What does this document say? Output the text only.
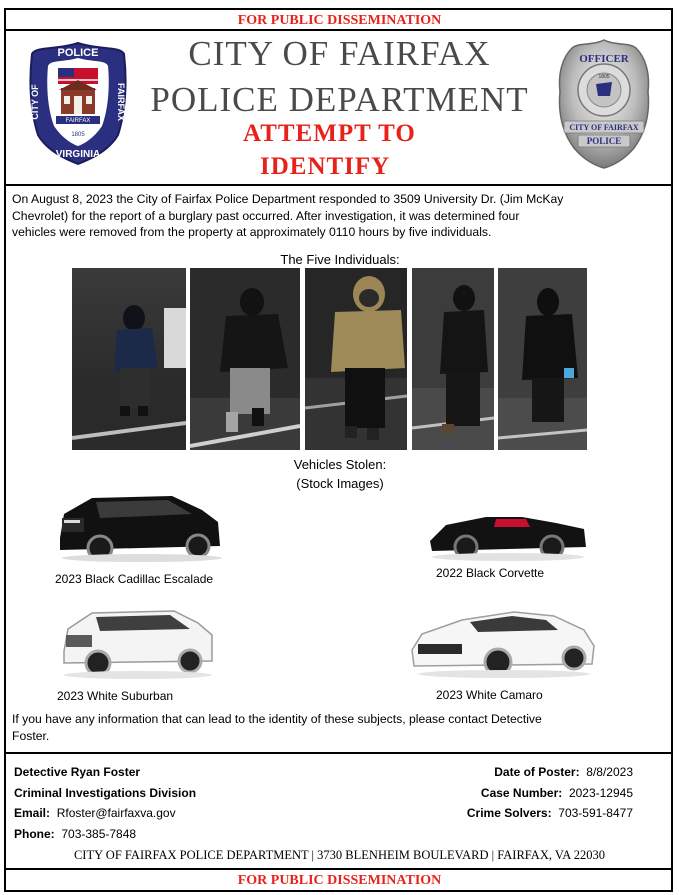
FOR PUBLIC DISSEMINATION
POLICE
CITY OF	FAIRFAX
FAIRFAX
1805
VIRGINIA
CITY OF FAIRFAX
POLICE DEPARTMENT
ATTEMPT TO
IDENTIFY
OFFICER
1805
CITY OF FAIRFAX
POLICE
On August 8, 2023 the City of Fairfax Police Department responded to 3509 University Dr. (Jim McKay
Chevrolet) for the report of a burglary past occurred. After investigation, it was determined four
vehicles were removed from the property at approximately 0110 hours by five individuals.
The Five Individuals:
Vehicles Stolen:
(Stock Images)
2023 Black Cadillac Escalade	2022 Black Corvette
2023 White Suburban	2023 White Camaro
If you have any information that can lead to the identity of these subjects, please contact Detective
Foster.
Detective Ryan Foster
Criminal Investigations Division
Email: Rfoster@fairfaxva.gov
Phone: 703-385-7848
Date of Poster: 8/8/2023
Case Number: 2023-12945
Crime Solvers: 703-591-8477
CITY OF FAIRFAX POLICE DEPARTMENT | 3730 BLENHEIM BOULEVARD | FAIRFAX, VA 22030
FOR PUBLIC DISSEMINATION
